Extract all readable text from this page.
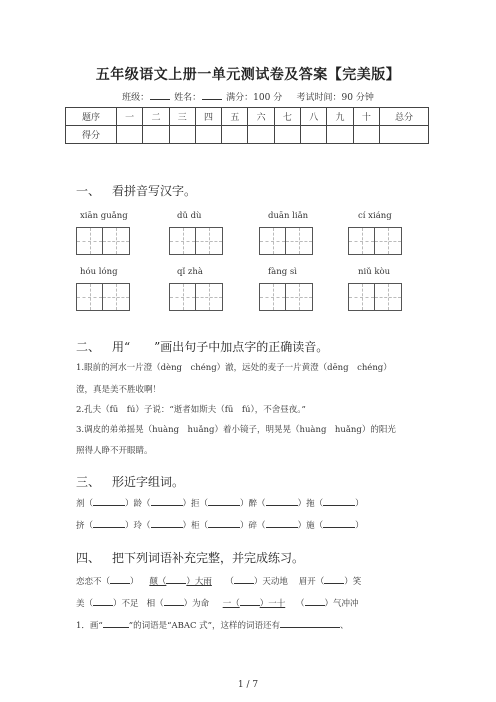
五年级语文上册一单元测试卷及答案【完美版】
班级：	姓名：	满分：100 分 考试时间：90 分钟
题序	一	二	三	四	五	六	七	八	九	十	总分
得分											
一、 看拼音写汉字。
xiān guǎng	dǔ dù	duān liǎn	cí xiáng
hóu lóng	qǐ zhà	fàng sì	niǔ kòu
二、 用“　　”画出句子中加点字的正确读音。
1.眼前的河水一片澄（dèng　chéng）澈，远处的麦子一片黄澄（dēng　chéng）
澄，真是美不胜收啊！
2.孔夫（fū　fú）子说：“逝者如斯夫（fū　fú），不舍昼夜。”
3.调皮的弟弟摇晃（huàng　huǎng）着小镜子，明晃晃（huàng　huǎng）的阳光
照得人睁不开眼睛。
三、 形近字组词。
剂（	）龄（	）拒（	）醉（	）拖（	）
挤（	）玲（	）柜（	）碎（	）施（	）
四、 把下列词语补充完整，并完成练习。
恋恋不（ ） 颠（ ）大雨 （ ）天动地 眉开（ ）笑
美（ ）不足 相（ ）为命 一（ ）一十 （ ）气冲冲
1．画“	”的词语是“ABAC 式”，这样的词语还有	、
1 / 7
